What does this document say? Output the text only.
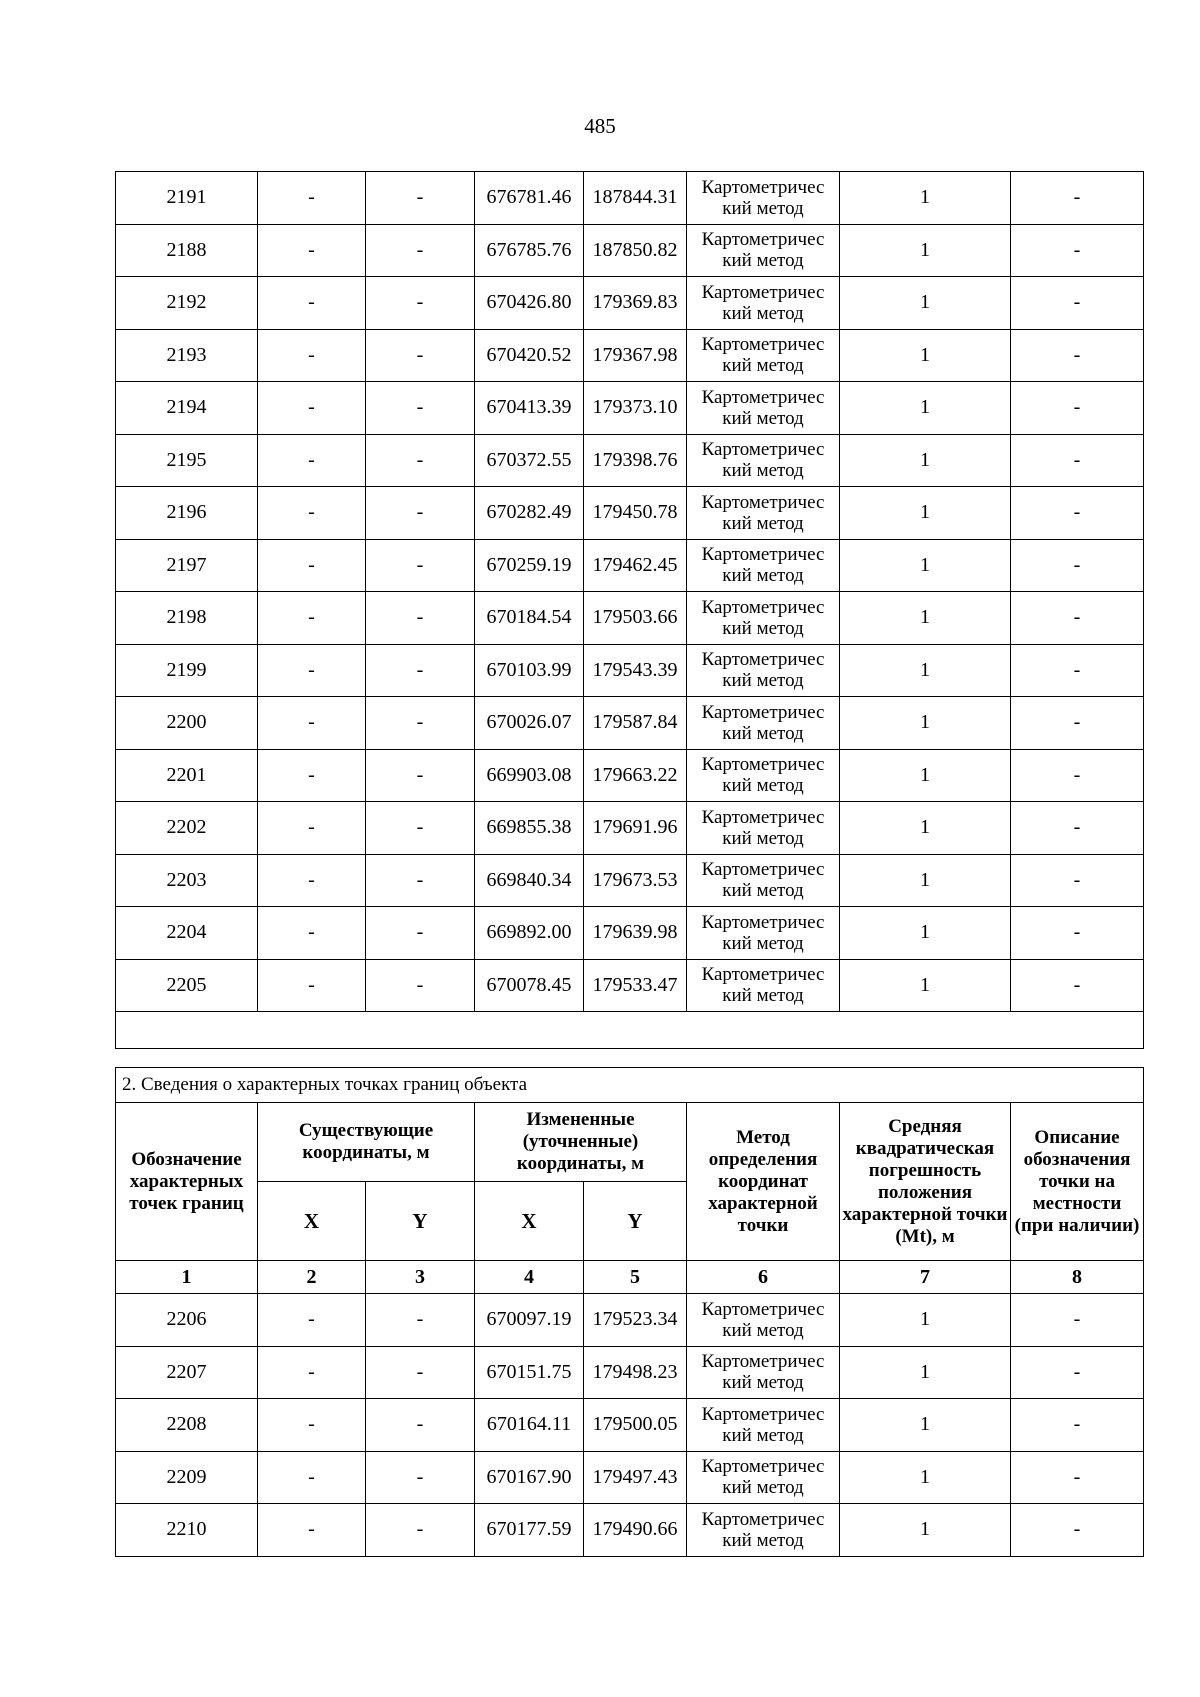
485
2191	-	-	676781.46	187844.31	Картометричес кий метод	1	-
2188	-	-	676785.76	187850.82	Картометричес кий метод	1	-
2192	-	-	670426.80	179369.83	Картометричес кий метод	1	-
2193	-	-	670420.52	179367.98	Картометричес кий метод	1	-
2194	-	-	670413.39	179373.10	Картометричес кий метод	1	-
2195	-	-	670372.55	179398.76	Картометричес кий метод	1	-
2196	-	-	670282.49	179450.78	Картометричес кий метод	1	-
2197	-	-	670259.19	179462.45	Картометричес кий метод	1	-
2198	-	-	670184.54	179503.66	Картометричес кий метод	1	-
2199	-	-	670103.99	179543.39	Картометричес кий метод	1	-
2200	-	-	670026.07	179587.84	Картометричес кий метод	1	-
2201	-	-	669903.08	179663.22	Картометричес кий метод	1	-
2202	-	-	669855.38	179691.96	Картометричес кий метод	1	-
2203	-	-	669840.34	179673.53	Картометричес кий метод	1	-
2204	-	-	669892.00	179639.98	Картометричес кий метод	1	-
2205	-	-	670078.45	179533.47	Картометричес кий метод	1	-

2. Сведения о характерных точках границ объекта							
Обозначение характерных точек границ	Существующие координаты, м		Измененные (уточненные) координаты, м		Метод определения координат характерной точки	Средняя квадратическая погрешность положения характерной точки (Mt), м	Описание обозначения точки на местности (при наличии)
	X	Y	X	Y			
1	2	3	4	5	6	7	8
2206	-	-	670097.19	179523.34	Картометричес кий метод	1	-
2207	-	-	670151.75	179498.23	Картометричес кий метод	1	-
2208	-	-	670164.11	179500.05	Картометричес кий метод	1	-
2209	-	-	670167.90	179497.43	Картометричес кий метод	1	-
2210	-	-	670177.59	179490.66	Картометричес кий метод	1	-
